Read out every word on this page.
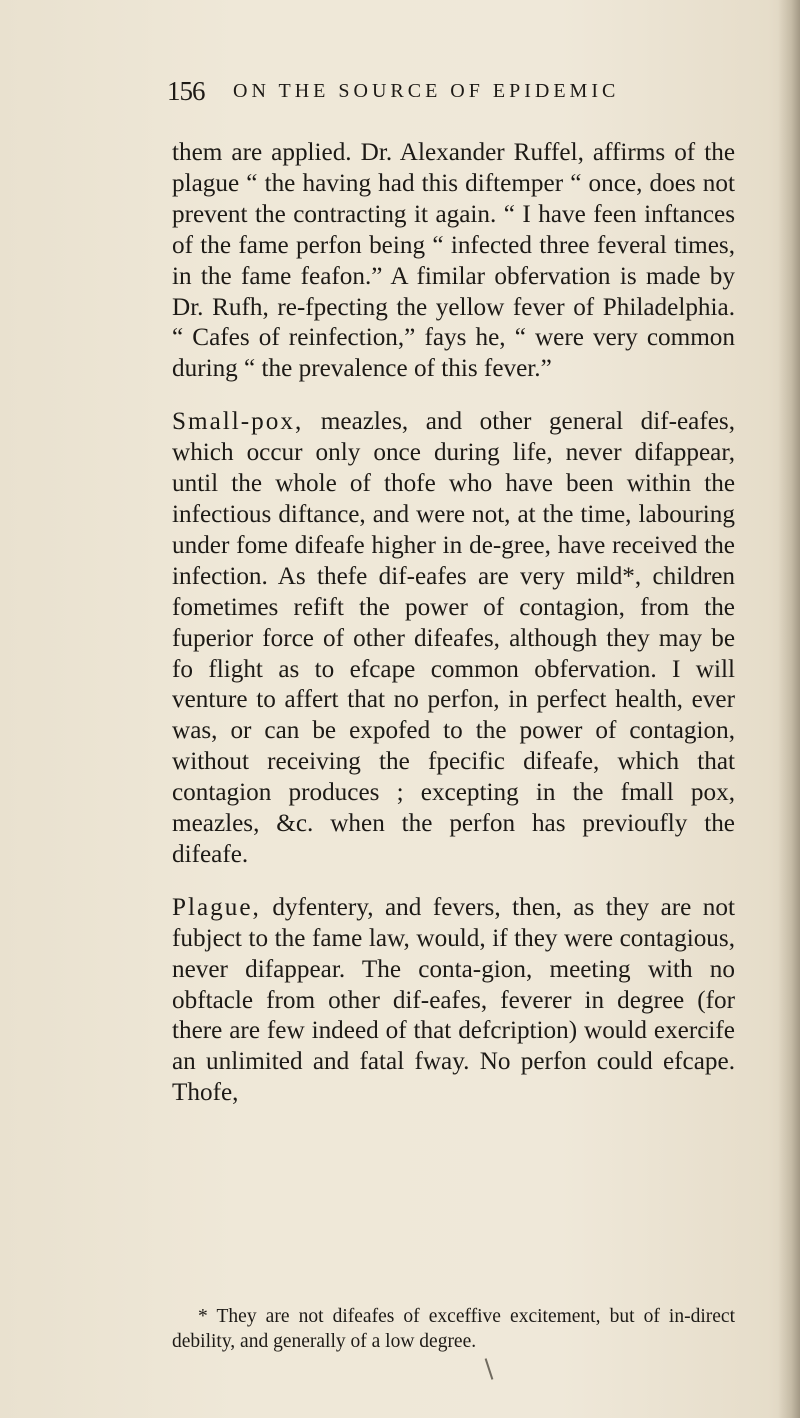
156 ON THE SOURCE OF EPIDEMIC

them are applied. Dr. Alexander Ruffel, affirms of the plague “ the having had this diftemper “ once, does not prevent the contracting it again. “ I have feen inftances of the fame perfon being “ infected three feveral times, in the fame feafon.” A fimilar obfervation is made by Dr. Rufh, re-fpecting the yellow fever of Philadelphia. “ Cafes of reinfection,” fays he, “ were very common during “ the prevalence of this fever.”

Small-pox, meazles, and other general dif-eafes, which occur only once during life, never difappear, until the whole of thofe who have been within the infectious diftance, and were not, at the time, labouring under fome difeafe higher in de-gree, have received the infection. As thefe dif-eafes are very mild*, children fometimes refift the power of contagion, from the fuperior force of other difeafes, although they may be fo flight as to efcape common obfervation. I will venture to affert that no perfon, in perfect health, ever was, or can be expofed to the power of contagion, without receiving the fpecific difeafe, which that contagion produces ; excepting in the fmall pox, meazles, &c. when the perfon has previoufly the difeafe.

Plague, dyfentery, and fevers, then, as they are not fubject to the fame law, would, if they were contagious, never difappear. The conta-gion, meeting with no obftacle from other dif-eafes, feverer in degree (for there are few indeed of that defcription) would exercife an unlimited and fatal fway. No perfon could efcape. Thofe,

* They are not difeafes of exceffive excitement, but of in-direct debility, and generally of a low degree.
